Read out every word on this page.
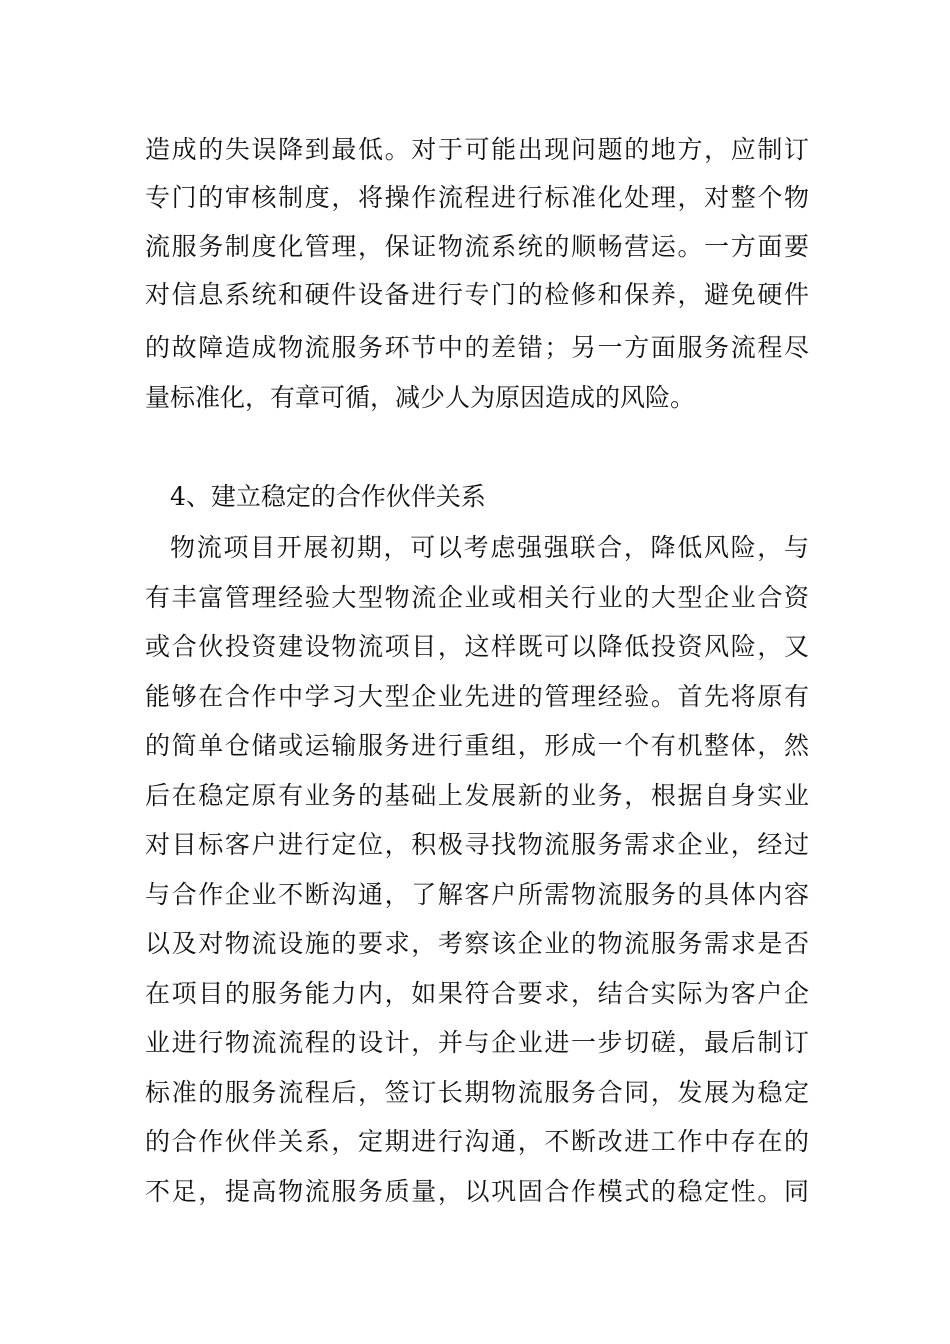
造成的失误降到最低。对于可能出现问题的地方，应制订
专门的审核制度，将操作流程进行标准化处理，对整个物
流服务制度化管理，保证物流系统的顺畅营运。一方面要
对信息系统和硬件设备进行专门的检修和保养，避免硬件
的故障造成物流服务环节中的差错；另一方面服务流程尽
量标准化，有章可循，减少人为原因造成的风险。
4、建立稳定的合作伙伴关系
物流项目开展初期，可以考虑强强联合，降低风险，与
有丰富管理经验大型物流企业或相关行业的大型企业合资
或合伙投资建设物流项目，这样既可以降低投资风险，又
能够在合作中学习大型企业先进的管理经验。首先将原有
的简单仓储或运输服务进行重组，形成一个有机整体，然
后在稳定原有业务的基础上发展新的业务，根据自身实业
对目标客户进行定位，积极寻找物流服务需求企业，经过
与合作企业不断沟通，了解客户所需物流服务的具体内容
以及对物流设施的要求，考察该企业的物流服务需求是否
在项目的服务能力内，如果符合要求，结合实际为客户企
业进行物流流程的设计，并与企业进一步切磋，最后制订
标准的服务流程后，签订长期物流服务合同，发展为稳定
的合作伙伴关系，定期进行沟通，不断改进工作中存在的
不足，提高物流服务质量，以巩固合作模式的稳定性。同
